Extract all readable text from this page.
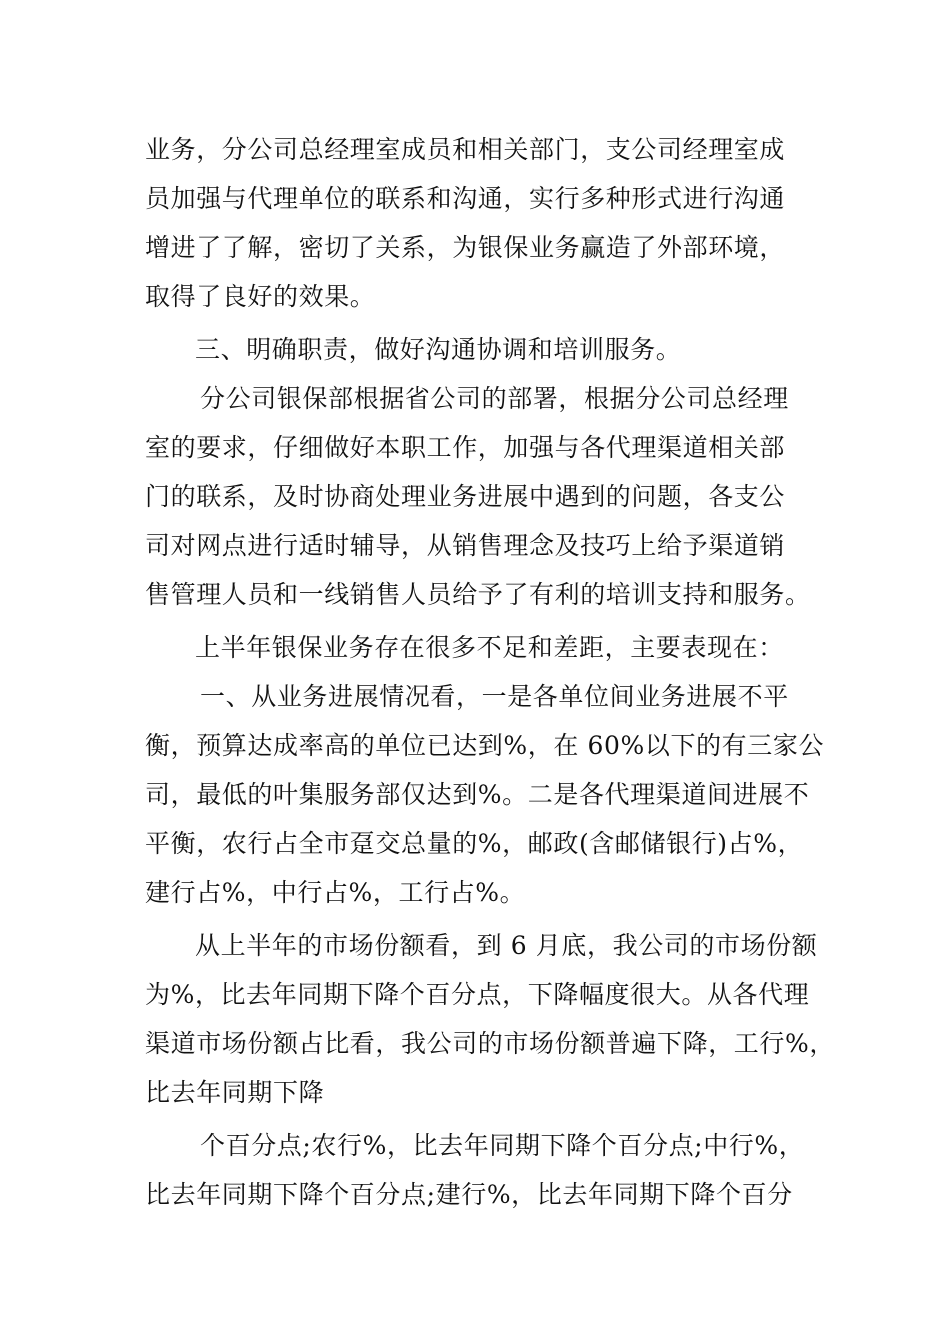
业务，分公司总经理室成员和相关部门，支公司经理室成
员加强与代理单位的联系和沟通，实行多种形式进行沟通
增进了了解，密切了关系，为银保业务赢造了外部环境，
取得了良好的效果。
三、明确职责，做好沟通协调和培训服务。
分公司银保部根据省公司的部署，根据分公司总经理
室的要求，仔细做好本职工作，加强与各代理渠道相关部
门的联系，及时协商处理业务进展中遇到的问题，各支公
司对网点进行适时辅导，从销售理念及技巧上给予渠道销
售管理人员和一线销售人员给予了有利的培训支持和服务。
上半年银保业务存在很多不足和差距，主要表现在：
一、从业务进展情况看，一是各单位间业务进展不平
衡，预算达成率高的单位已达到%，在 60%以下的有三家公
司，最低的叶集服务部仅达到%。二是各代理渠道间进展不
平衡，农行占全市趸交总量的%，邮政(含邮储银行)占%，
建行占%，中行占%，工行占%。
从上半年的市场份额看，到 6 月底，我公司的市场份额
为%，比去年同期下降个百分点，下降幅度很大。从各代理
渠道市场份额占比看，我公司的市场份额普遍下降，工行%，
比去年同期下降
个百分点;农行%，比去年同期下降个百分点;中行%，
比去年同期下降个百分点;建行%，比去年同期下降个百分
